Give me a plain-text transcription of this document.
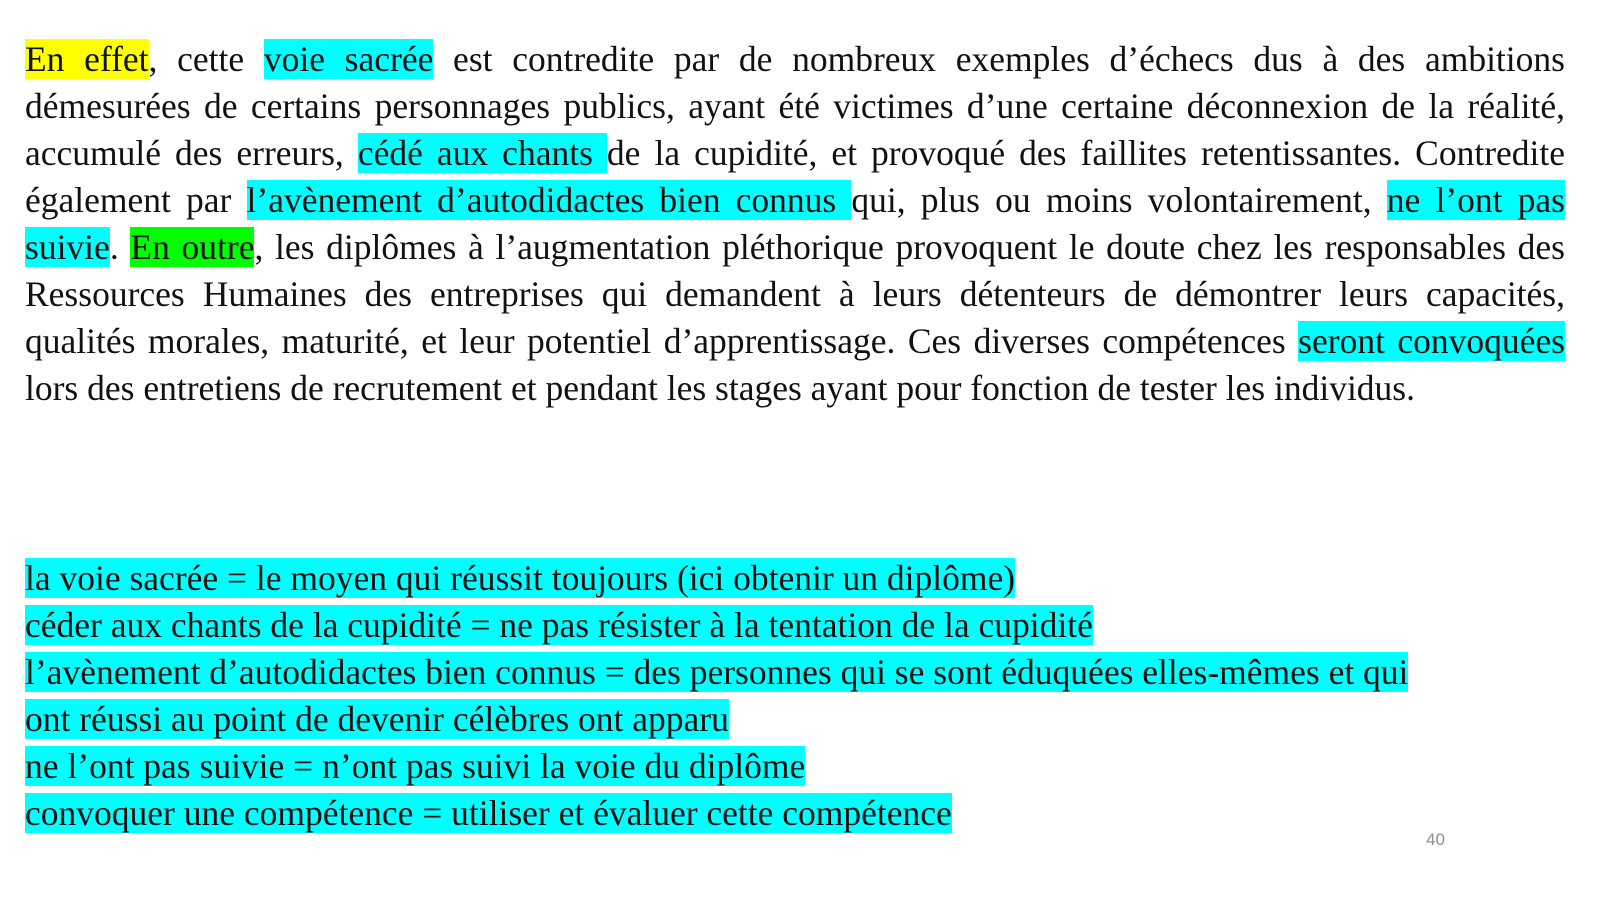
En effet, cette voie sacrée est contredite par de nombreux exemples d’échecs dus à des ambitions démesurées de certains personnages publics, ayant été victimes d’une certaine déconnexion de la réalité, accumulé des erreurs, cédé aux chants de la cupidité, et provoqué des faillites retentissantes. Contredite également par l’avènement d’autodidactes bien connus qui, plus ou moins volontairement, ne l’ont pas suivie. En outre, les diplômes à l’augmentation pléthorique provoquent le doute chez les responsables des Ressources Humaines des entreprises qui demandent à leurs détenteurs de démontrer leurs capacités, qualités morales, maturité, et leur potentiel d’apprentissage. Ces diverses compétences seront convoquées lors des entretiens de recrutement et pendant les stages ayant pour fonction de tester les individus.

la voie sacrée = le moyen qui réussit toujours (ici obtenir un diplôme)

céder aux chants de la cupidité = ne pas résister à la tentation de la cupidité

l’avènement d’autodidactes bien connus = des personnes qui se sont éduquées elles-mêmes et qui

ont réussi au point de devenir célèbres ont apparu

ne l’ont pas suivie = n’ont pas suivi la voie du diplôme

convoquer une compétence = utiliser et évaluer cette compétence

40
